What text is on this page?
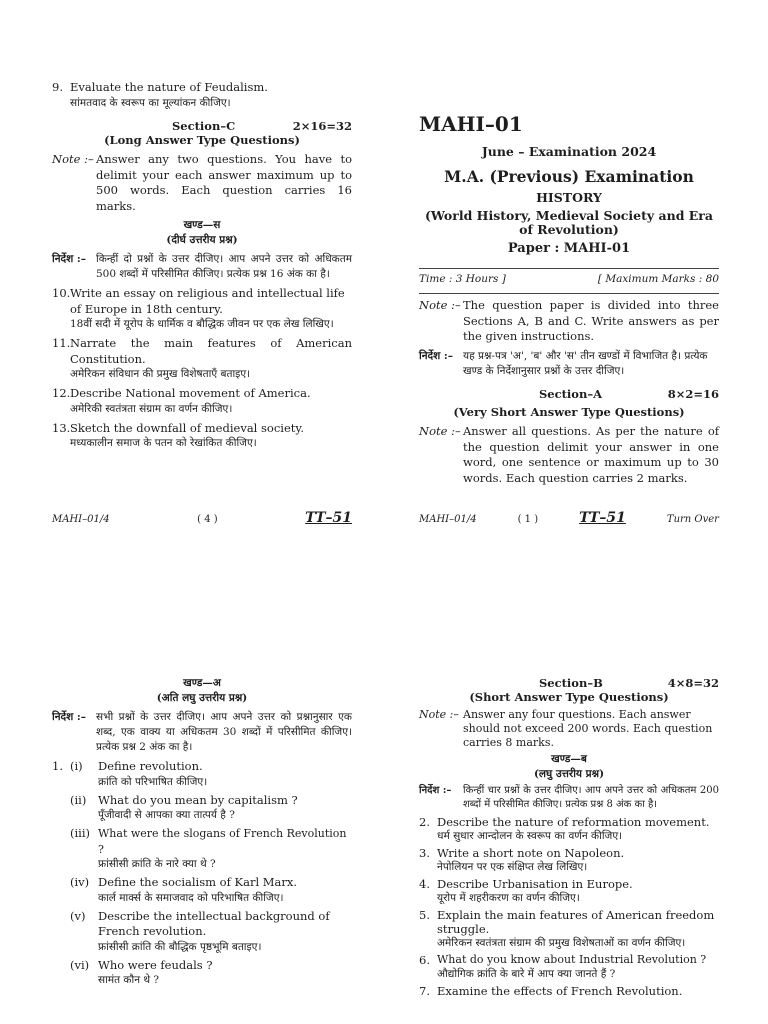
9. Evaluate the nature of Feudalism.
सांमतवाद के स्वरूप का मूल्यांकन कीजिए।
Section–C	2×16=32
(Long Answer Type Questions)
Note :– Answer any two questions. You have to delimit your each answer maximum up to 500 words. Each question carries 16 marks.
खण्ड—स
(दीर्घ उत्तरीय प्रश्न)
निर्देश :– किन्हीं दो प्रश्नों के उत्तर दीजिए। आप अपने उत्तर को अधिकतम 500 शब्दों में परिसीमित कीजिए। प्रत्येक प्रश्न 16 अंक का है।
10. Write an essay on religious and intellectual life of Europe in 18th century.
18वीं सदी में यूरोप के धार्मिक व बौद्धिक जीवन पर एक लेख लिखिए।
11. Narrate the main features of American Constitution.
अमेरिकन संविधान की प्रमुख विशेषताएँ बताइए।
12. Describe National movement of America.
अमेरिकी स्वतंत्रता संग्राम का वर्णन कीजिए।
13. Sketch the downfall of medieval society.
मध्यकालीन समाज के पतन को रेखांकित कीजिए।
MAHI–01/4	( 4 )	TT–51
MAHI–01
June – Examination 2024
M.A. (Previous) Examination
HISTORY
(World History, Medieval Society and Era of Revolution)
Paper : MAHI-01
Time : 3 Hours ]	[ Maximum Marks : 80
Note :– The question paper is divided into three Sections A, B and C. Write answers as per the given instructions.
निर्देश :– यह प्रश्न-पत्र 'अ', 'ब' और 'स' तीन खण्डों में विभाजित है। प्रत्येक खण्ड के निर्देशानुसार प्रश्नों के उत्तर दीजिए।
Section–A	8×2=16
(Very Short Answer Type Questions)
Note :– Answer all questions. As per the nature of the question delimit your answer in one word, one sentence or maximum up to 30 words. Each question carries 2 marks.
MAHI–01/4	( 1 )	TT–51	Turn Over
खण्ड—अ
(अति लघु उत्तरीय प्रश्न)
निर्देश :– सभी प्रश्नों के उत्तर दीजिए। आप अपने उत्तर को प्रश्नानुसार एक शब्द, एक वाक्य या अधिकतम 30 शब्दों में परिसीमित कीजिए। प्रत्येक प्रश्न 2 अंक का है।
1. (i)	Define revolution.
क्रांति को परिभाषित कीजिए।
(ii)	What do you mean by capitalism ?
पूँजीवादी से आपका क्या तात्पर्य है ?
(iii) What were the slogans of French Revolution ?
फ्रांसीसी क्रांति के नारे क्या थे ?
(iv) Define the socialism of Karl Marx.
कार्ल मार्क्स के समाजवाद को परिभाषित कीजिए।
(v)	Describe the intellectual background of French revolution.
फ्रांसीसी क्रांति की बौद्धिक पृष्ठभूमि बताइए।
(vi) Who were feudals ?
सामंत कौन थे ?
Section–B	4×8=32
(Short Answer Type Questions)
Note :– Answer any four questions. Each answer should not exceed 200 words. Each question carries 8 marks.
खण्ड—ब
(लघु उत्तरीय प्रश्न)
निर्देश :–	किन्हीं चार प्रश्नों के उत्तर दीजिए। आप अपने उत्तर को अधिकतम 200 शब्दों में परिसीमित कीजिए। प्रत्येक प्रश्न 8 अंक का है।
2. Describe the nature of reformation movement.
धर्म सुधार आन्दोलन के स्वरूप का वर्णन कीजिए।
3. Write a short note on Napoleon.
नेपोलियन पर एक संक्षिप्त लेख लिखिए।
4. Describe Urbanisation in Europe.
यूरोप में शहरीकरण का वर्णन कीजिए।
5. Explain the main features of American freedom struggle.
अमेरिकन स्वतंत्रता संग्राम की प्रमुख विशेषताओं का वर्णन कीजिए।
6. What do you know about Industrial Revolution ?
औद्योगिक क्रांति के बारे में आप क्या जानते हैं ?
7. Examine the effects of French Revolution.
